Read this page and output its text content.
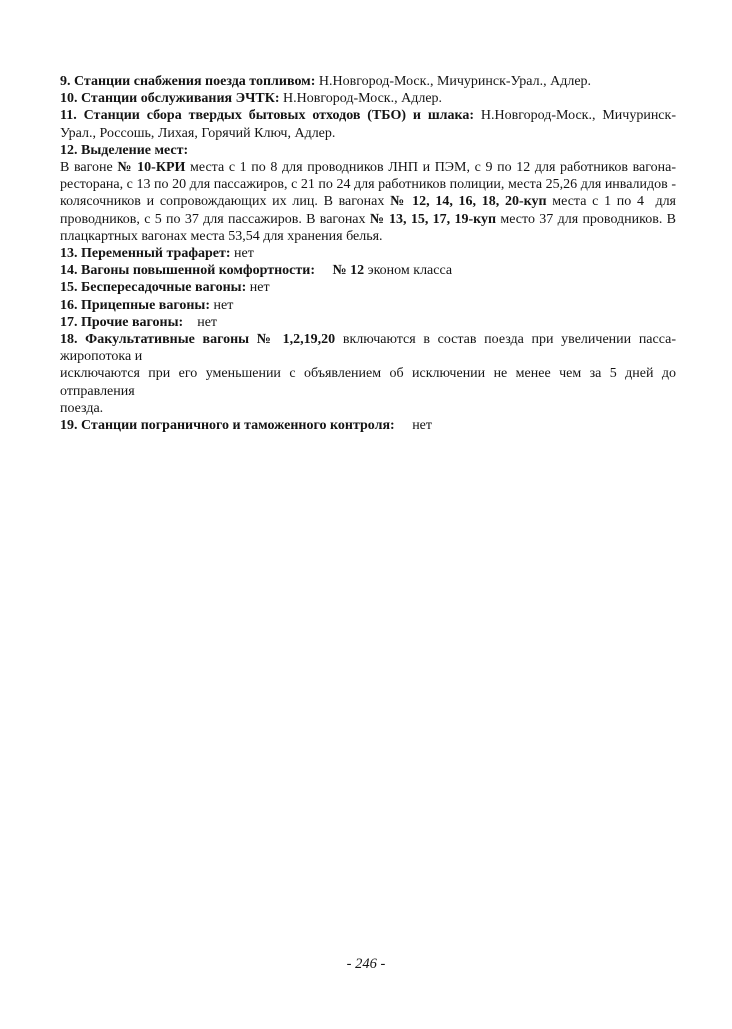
9. Станции снабжения поезда топливом: Н.Новгород-Моск., Мичуринск-Урал., Адлер.

10. Станции обслуживания ЭЧТК: Н.Новгород-Моск., Адлер.

11. Станции сбора твердых бытовых отходов (ТБО) и шлака: Н.Новгород-Моск., Мичуринск-Урал., Россошь, Лихая, Горячий Ключ, Адлер.

12. Выделение мест:

В вагоне № 10-КРИ места с 1 по 8 для проводников ЛНП и ПЭМ, с 9 по 12 для работников вагона-ресторана, с 13 по 20 для пассажиров, с 21 по 24 для работников полиции, места 25,26 для инвалидов - колясочников и сопровождающих их лиц. В вагонах № 12, 14, 16, 18, 20-куп места с 1 по 4  для проводников, с 5 по 37 для пассажиров. В вагонах № 13, 15, 17, 19-куп место 37 для проводников. В плацкартных вагонах места 53,54 для хранения белья.

13. Переменный трафарет: нет

14. Вагоны повышенной комфортности:     № 12 эконом класса

15. Беспересадочные вагоны: нет

16. Прицепные вагоны: нет

17. Прочие вагоны:    нет

18. Факультативные вагоны № 1,2,19,20 включаются в состав поезда при увеличении пасса-жиропотока и

исключаются при его уменьшении с объявлением об исключении не менее чем за 5 дней до отправления

поезда.

19. Станции пограничного и таможенного контроля:     нет

- 246 -
